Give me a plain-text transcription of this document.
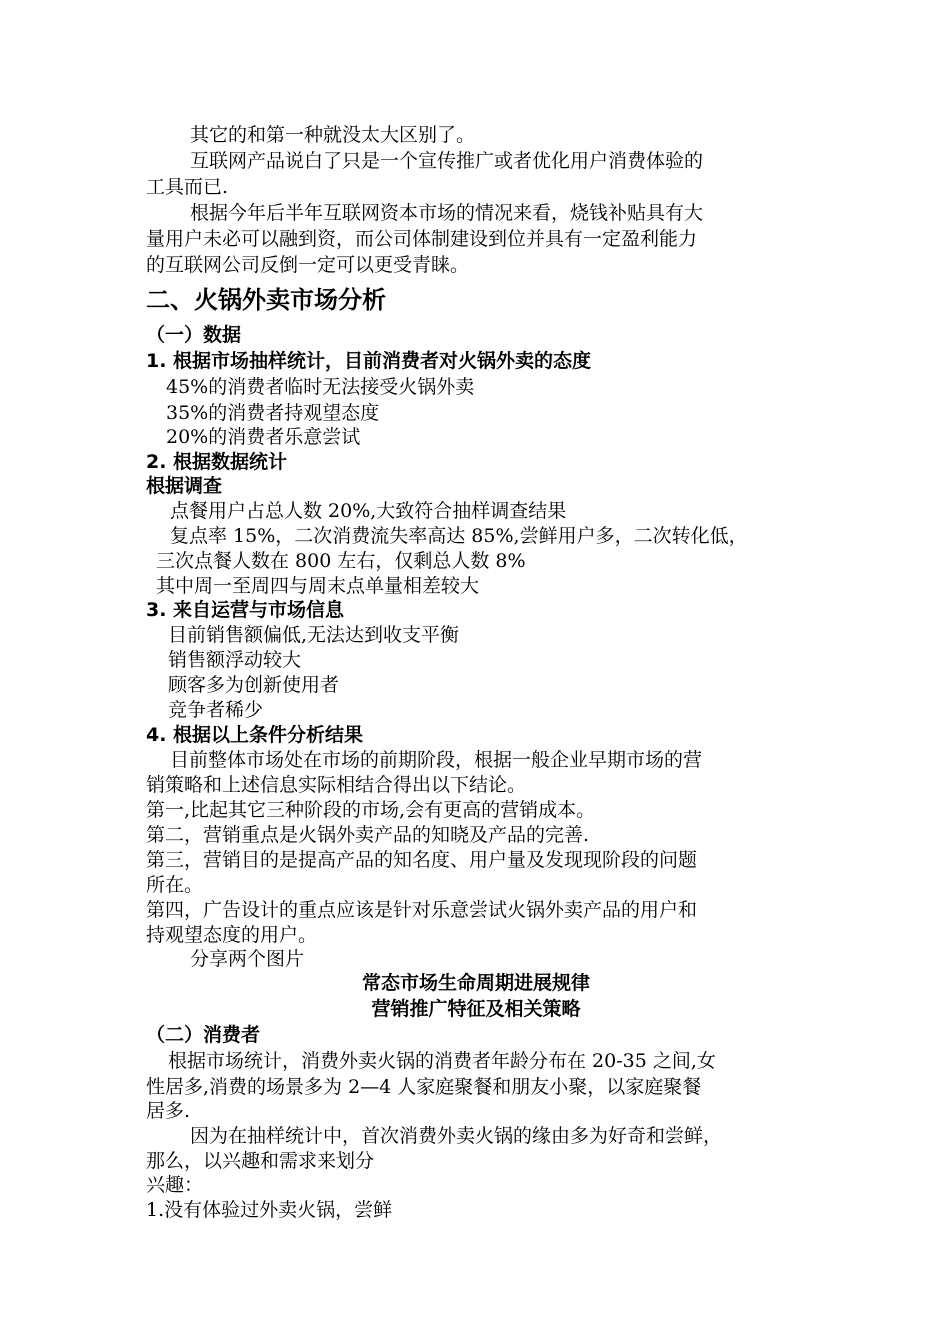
其它的和第一种就没太大区别了。
互联网产品说白了只是一个宣传推广或者优化用户消费体验的
工具而已.
根据今年后半年互联网资本市场的情况来看，烧钱补贴具有大
量用户未必可以融到资，而公司体制建设到位并具有一定盈利能力
的互联网公司反倒一定可以更受青睐。
二、火锅外卖市场分析
（一）数据
1. 根据市场抽样统计，目前消费者对火锅外卖的态度
45%的消费者临时无法接受火锅外卖
35%的消费者持观望态度
20%的消费者乐意尝试
2. 根据数据统计
根据调查
点餐用户占总人数 20%,大致符合抽样调查结果
复点率 15%，二次消费流失率高达 85%,尝鲜用户多，二次转化低，
三次点餐人数在 800 左右，仅剩总人数 8%
其中周一至周四与周末点单量相差较大
3. 来自运营与市场信息
目前销售额偏低,无法达到收支平衡
销售额浮动较大
顾客多为创新使用者
竞争者稀少
4. 根据以上条件分析结果
目前整体市场处在市场的前期阶段，根据一般企业早期市场的营
销策略和上述信息实际相结合得出以下结论。
第一,比起其它三种阶段的市场,会有更高的营销成本。
第二，营销重点是火锅外卖产品的知晓及产品的完善.
第三，营销目的是提高产品的知名度、用户量及发现现阶段的问题
所在。
第四，广告设计的重点应该是针对乐意尝试火锅外卖产品的用户和
持观望态度的用户。
分享两个图片
常态市场生命周期进展规律
营销推广特征及相关策略
（二）消费者
根据市场统计，消费外卖火锅的消费者年龄分布在 20-35 之间,女
性居多,消费的场景多为 2—4 人家庭聚餐和朋友小聚，以家庭聚餐
居多.
因为在抽样统计中，首次消费外卖火锅的缘由多为好奇和尝鲜，
那么，以兴趣和需求来划分
兴趣：
1.没有体验过外卖火锅，尝鲜
